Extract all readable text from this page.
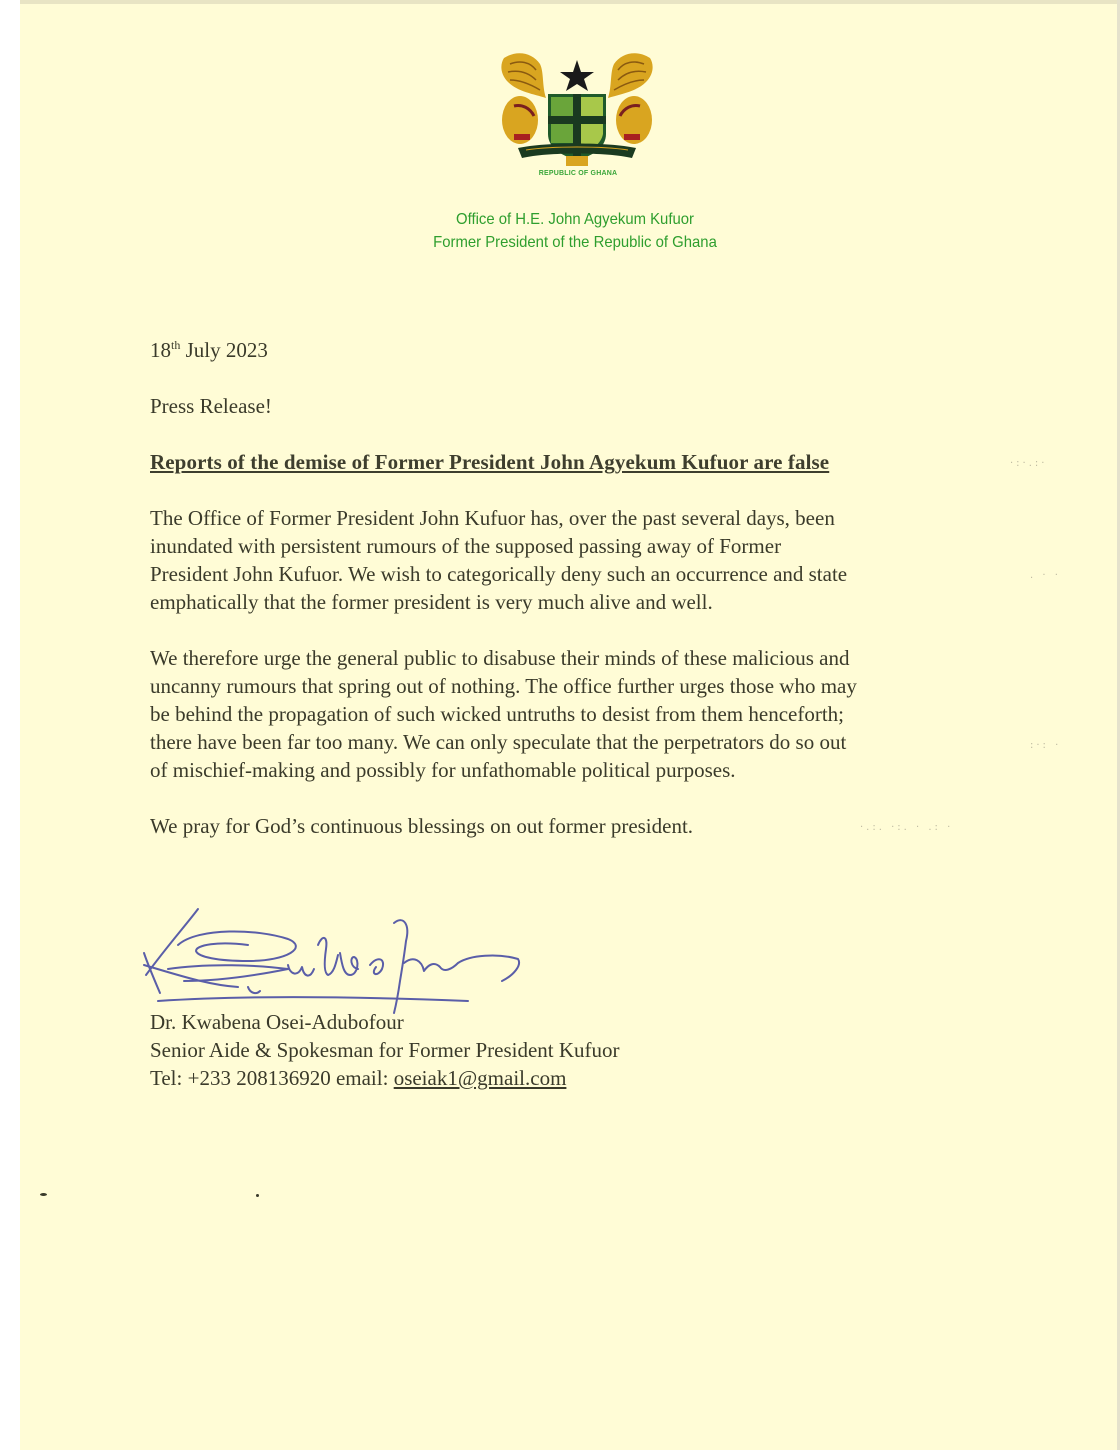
REPUBLIC OF GHANA
Office of H.E. John Agyekum Kufuor
Former President of the Republic of Ghana
18th July 2023
Press Release!
Reports of the demise of Former President John Agyekum Kufuor are false
The Office of Former President John Kufuor has, over the past several days, been
inundated with persistent rumours of the supposed passing away of Former
President John Kufuor. We wish to categorically deny such an occurrence and state
emphatically that the former president is very much alive and well.
We therefore urge the general public to disabuse their minds of these malicious and
uncanny rumours that spring out of nothing. The office further urges those who may
be behind the propagation of such wicked untruths to desist from them henceforth;
there have been far too many. We can only speculate that the perpetrators do so out
of mischief-making and possibly for unfathomable political purposes.
We pray for God’s continuous blessings on out former president.
Dr. Kwabena Osei-Adubofour
Senior Aide & Spokesman for Former President Kufuor
Tel: +233 208136920 email: oseiak1@gmail.com
·:·.:·
. · ·
:·: ·
·.:. ·:. · .: ·
